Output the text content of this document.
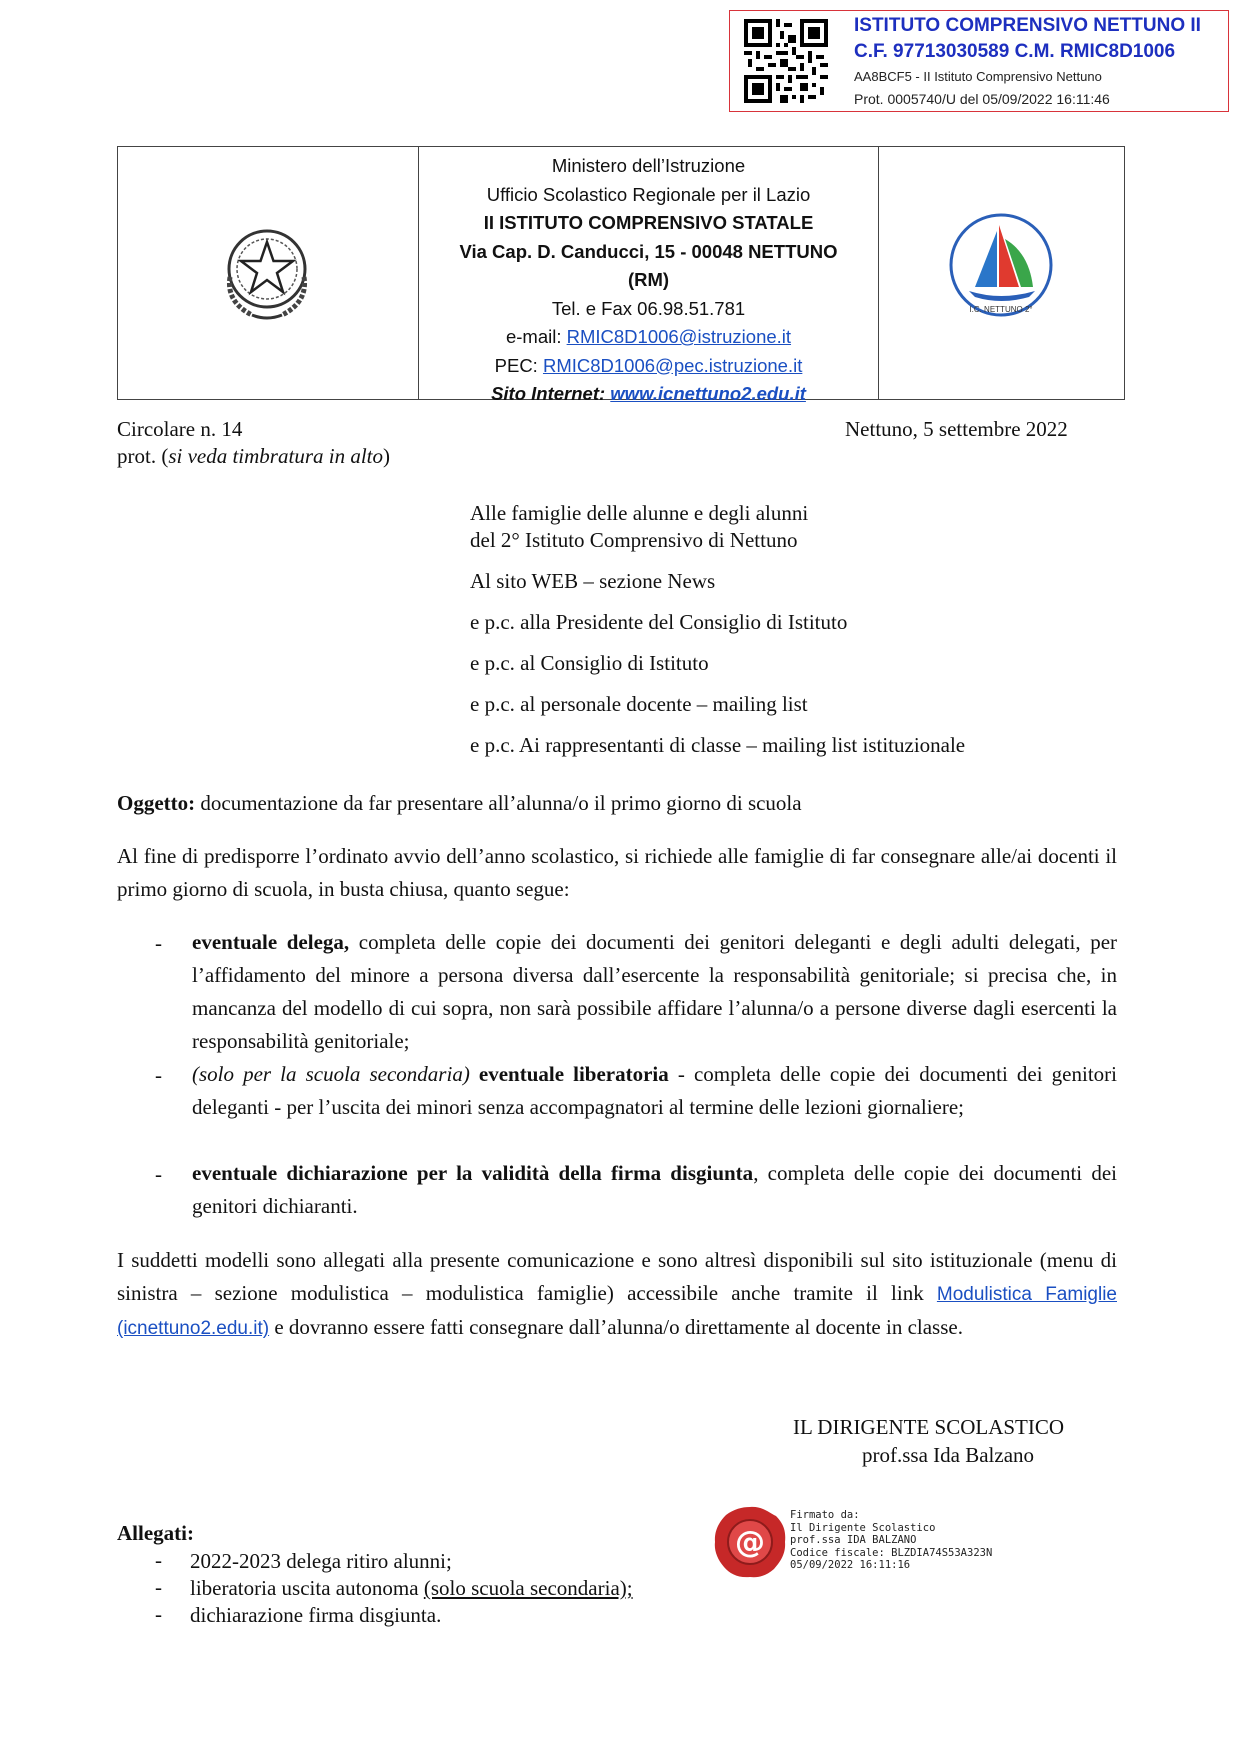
ISTITUTO COMPRENSIVO NETTUNO II
C.F. 97713030589 C.M. RMIC8D1006
AA8BCF5 - II Istituto Comprensivo Nettuno
Prot. 0005740/U del 05/09/2022 16:11:46
Ministero dell’Istruzione
Ufficio Scolastico Regionale per il Lazio
II ISTITUTO COMPRENSIVO STATALE
Via Cap. D. Canducci, 15 - 00048 NETTUNO
(RM)
Tel. e Fax 06.98.51.781
e-mail: RMIC8D1006@istruzione.it
PEC: RMIC8D1006@pec.istruzione.it
Sito Internet: www.icnettuno2.edu.it
I.C. NETTUNO 2°
Circolare n. 14
prot. (si veda timbratura in alto)
Nettuno, 5 settembre 2022
Alle famiglie delle alunne e degli alunni
del 2° Istituto Comprensivo di Nettuno
Al sito WEB – sezione News
e p.c. alla Presidente del Consiglio di Istituto
e p.c. al Consiglio di Istituto
e p.c. al personale docente – mailing list
e p.c. Ai rappresentanti di classe – mailing list istituzionale
Oggetto: documentazione da far presentare all’alunna/o il primo giorno di scuola
Al fine di predisporre l’ordinato avvio dell’anno scolastico, si richiede alle famiglie di far consegnare alle/ai docenti il primo giorno di scuola, in busta chiusa, quanto segue:
- eventuale delega, completa delle copie dei documenti dei genitori deleganti e degli adulti delegati, per l’affidamento del minore a persona diversa dall’esercente la responsabilità genitoriale; si precisa che, in mancanza del modello di cui sopra, non sarà possibile affidare l’alunna/o a persone diverse dagli esercenti la responsabilità genitoriale;
- (solo per la scuola secondaria) eventuale liberatoria - completa delle copie dei documenti dei genitori deleganti - per l’uscita dei minori senza accompagnatori al termine delle lezioni giornaliere;
- eventuale dichiarazione per la validità della firma disgiunta, completa delle copie dei documenti dei genitori dichiaranti.
I suddetti modelli sono allegati alla presente comunicazione e sono altresì disponibili sul sito istituzionale (menu di sinistra – sezione modulistica – modulistica famiglie) accessibile anche tramite il link Modulistica Famiglie (icnettuno2.edu.it) e dovranno essere fatti consegnare dall’alunna/o direttamente al docente in classe.
IL DIRIGENTE SCOLASTICO
prof.ssa Ida Balzano
@
Firmato da:
Il Dirigente Scolastico
prof.ssa IDA BALZANO
Codice fiscale: BLZDIA74S53A323N
05/09/2022 16:11:16
Allegati:
- 2022-2023 delega ritiro alunni;
- liberatoria uscita autonoma (solo scuola secondaria);
- dichiarazione firma disgiunta.
